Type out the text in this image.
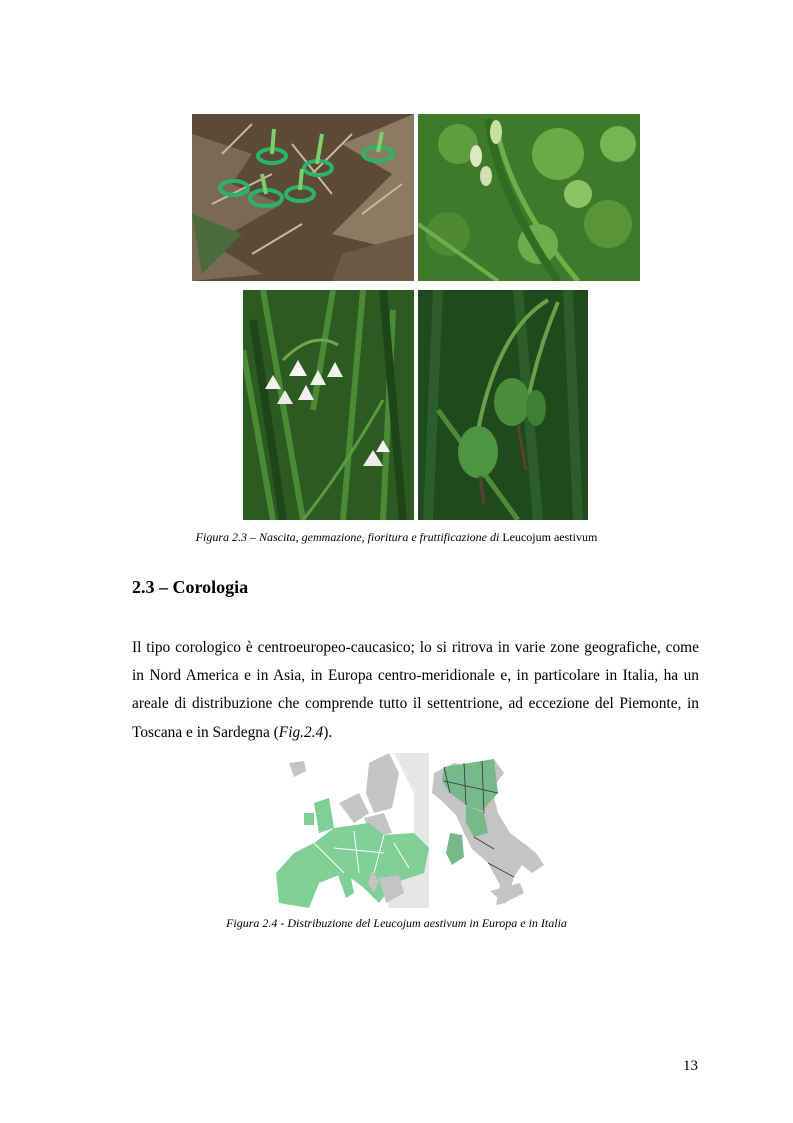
Figura 2.3 – Nascita, gemmazione, fioritura e fruttificazione di Leucojum aestivum
2.3 – Corologia

Il tipo corologico è centroeuropeo-caucasico; lo si ritrova in varie zone geografiche, come in Nord America e in Asia, in Europa centro-meridionale e, in particolare in Italia, ha un areale di distribuzione che comprende tutto il settentrione, ad eccezione del Piemonte, in Toscana e in Sardegna (Fig.2.4).

Figura 2.4 - Distribuzione del Leucojum aestivum in Europa e in Italia
13
